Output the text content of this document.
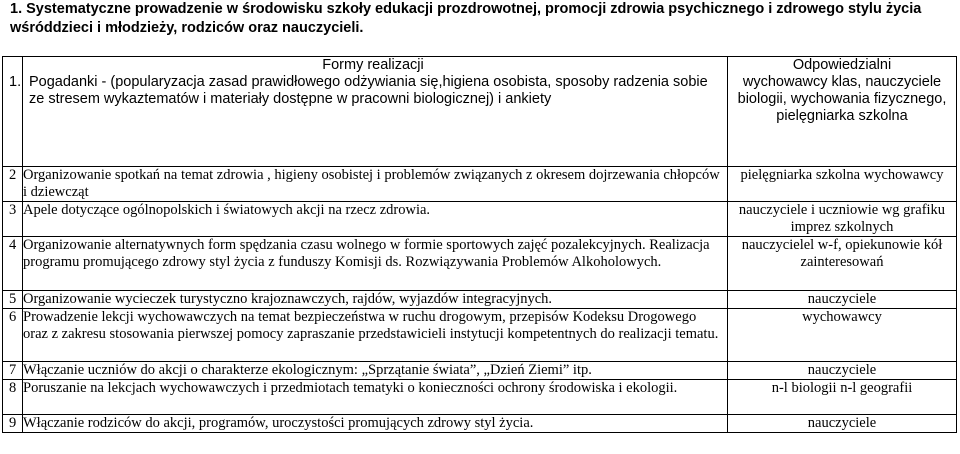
1. Systematyczne prowadzenie w środowisku szkoły edukacji prozdrowotnej, promocji zdrowia psychicznego i zdrowego stylu życia wśróddzieci i młodzieży, rodziców oraz nauczycieli.
	Formy realizacji	Odpowiedzialni
1.	Pogadanki - (popularyzacja zasad prawidłowego odżywiania się,higiena osobista, sposoby radzenia sobie ze stresem wykaztematów i materiały dostępne w pracowni biologicznej) i ankiety	wychowawcy klas, nauczyciele biologii, wychowania fizycznego, pielęgniarka szkolna
2	Organizowanie spotkań na temat zdrowia , higieny osobistej i problemów związanych z okresem dojrzewania chłopców i dziewcząt	pielęgniarka szkolna wychowawcy
3	Apele dotyczące ogólnopolskich i światowych akcji na rzecz zdrowia.	nauczyciele i uczniowie wg grafiku imprez szkolnych
4	Organizowanie alternatywnych form spędzania czasu wolnego w formie sportowych zajęć pozalekcyjnych. Realizacja programu promującego zdrowy styl życia z funduszy Komisji ds. Rozwiązywania Problemów Alkoholowych.	nauczycielel w-f, opiekunowie kół zainteresowań
5	Organizowanie wycieczek turystyczno krajoznawczych, rajdów, wyjazdów integracyjnych.	nauczyciele
6	Prowadzenie lekcji wychowawczych na temat bezpieczeństwa w ruchu drogowym, przepisów Kodeksu Drogowego oraz z zakresu stosowania pierwszej pomocy zapraszanie przedstawicieli instytucji kompetentnych do realizacji tematu.	wychowawcy
7	Włączanie uczniów do akcji o charakterze ekologicznym: „Sprzątanie świata”, „Dzień Ziemi” itp.	nauczyciele
8	Poruszanie na lekcjach wychowawczych i przedmiotach tematyki o konieczności ochrony środowiska i ekologii.	n-l biologii n-l geografii
9	Włączanie rodziców do akcji, programów, uroczystości promujących zdrowy styl życia.	nauczyciele
